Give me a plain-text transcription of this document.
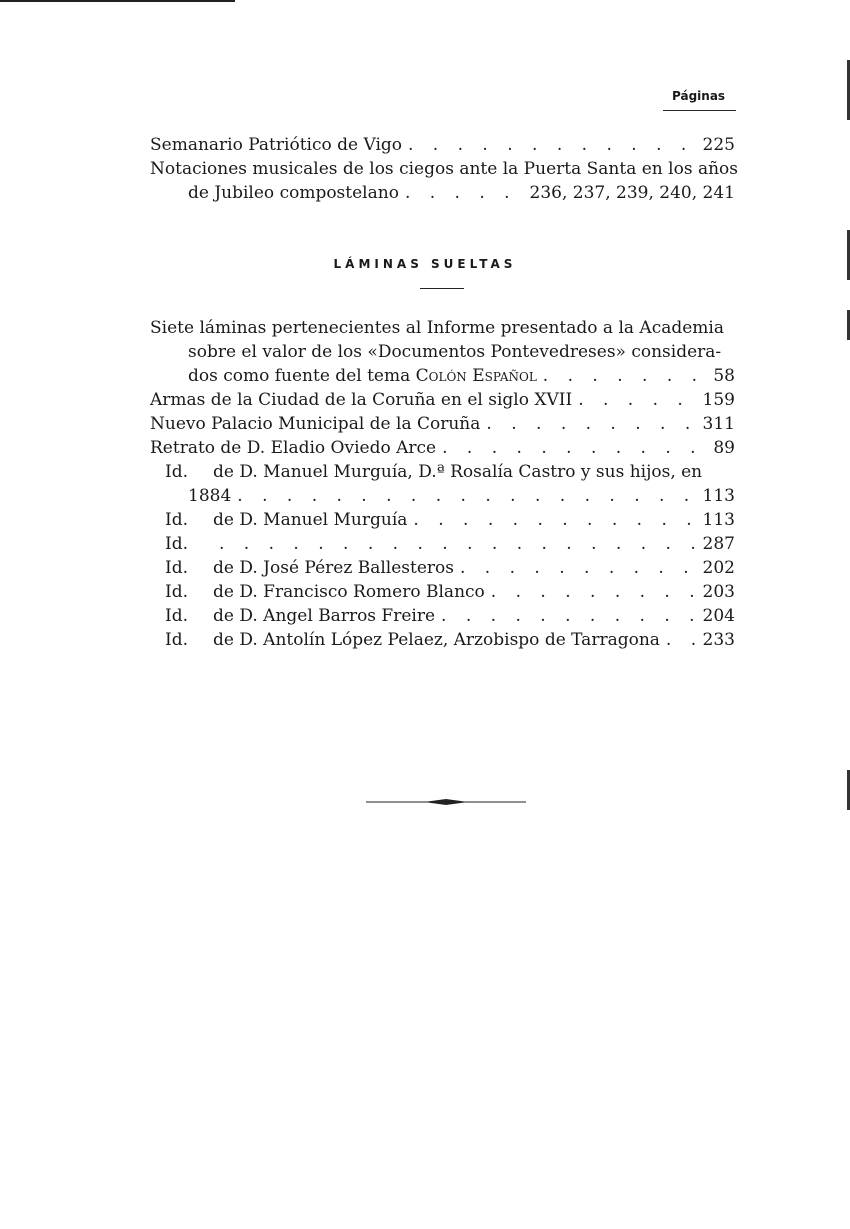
Páginas
Semanario Patriótico de Vigo . . .	225
Notaciones musicales de los ciegos ante la Puerta Santa en los años
de Jubileo compostelano . . .	236, 237, 239, 240, 241
LÁMINAS SUELTAS
Siete láminas pertenecientes al Informe presentado a la Academia
sobre el valor de los «Documentos Pontevedreses» considera-
dos como fuente del tema Colón Español . . .	58
Armas de la Ciudad de la Coruña en el siglo XVII . . .	159
Nuevo Palacio Municipal de la Coruña . . .	311
Retrato de D. Eladio Oviedo Arce . . .	89
Id. de D. Manuel Murguía, D.ª Rosalía Castro y sus hijos, en
1884 . . .	113
Id. de D. Manuel Murguía . . .	113
Id. . . .	287
Id. de D. José Pérez Ballesteros . . .	202
Id. de D. Francisco Romero Blanco . . .	203
Id. de D. Angel Barros Freire . . .	204
Id. de D. Antolín López Pelaez, Arzobispo de Tarragona . . .	233
